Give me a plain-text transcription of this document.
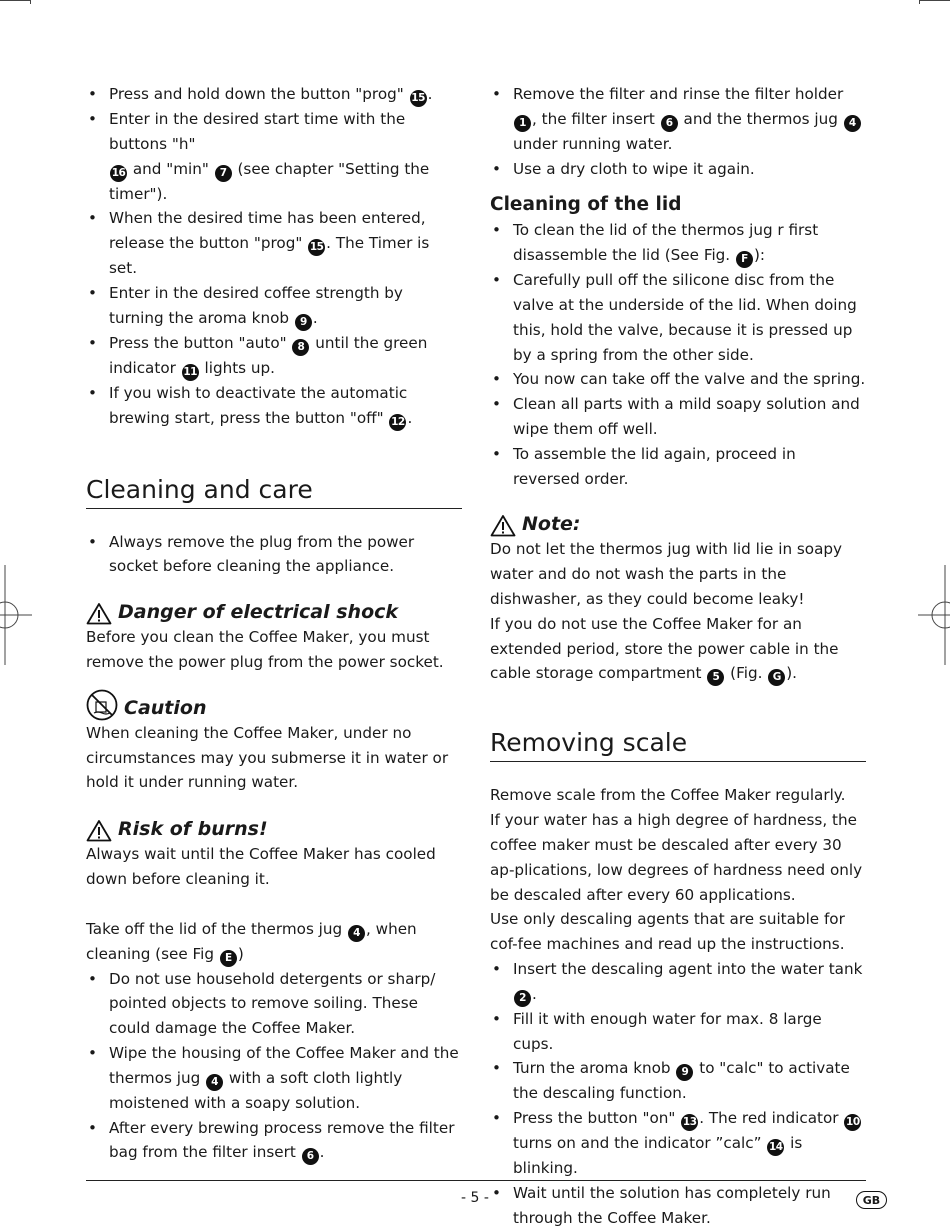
• Press and hold down the button "prog" 15 .
• Enter in the desired start time with the buttons "h"
16 and "min" 7 (see chapter "Setting the timer").
• When the desired time has been entered, release the button "prog" 15 . The Timer is set.
• Enter in the desired coffee strength by turning the aroma knob 9 .
• Press the button "auto" 8 until the green indicator 11 lights up.
• If you wish to deactivate the automatic brewing start, press the button "off" 12 .
Cleaning and care
• Always remove the plug from the power socket before cleaning the appliance.
Danger of electrical shock

Before you clean the Coffee Maker, you must remove the power plug from the power socket.

Caution

When cleaning the Coffee Maker, under no circumstances may you submerse it in water or hold it under running water.

Risk of burns!

Always wait until the Coffee Maker has cooled down before cleaning it.

Take off the lid of the thermos jug 4 , when cleaning (see Fig E )

• Do not use household detergents or sharp/ pointed objects to remove soiling. These could damage the Coffee Maker.
• Wipe the housing of the Coffee Maker and the thermos jug 4 with a soft cloth lightly moistened with a soapy solution.
• After every brewing process remove the filter bag from the filter insert 6 .
• Remove the filter and rinse the filter holder 1 , the filter insert 6 and the thermos jug 4 under running water.
• Use a dry cloth to wipe it again.
Cleaning of the lid
• To clean the lid of the thermos jug r first disassemble the lid (See Fig. F ):
• Carefully pull off the silicone disc from the valve at the underside of the lid. When doing this, hold the valve, because it is pressed up by a spring from the other side.
• You now can take off the valve and the spring.
• Clean all parts with a mild soapy solution and wipe them off well.
• To assemble the lid again, proceed in reversed order.
Note:

Do not let the thermos jug with lid lie in soapy water and do not wash the parts in the dishwasher, as they could become leaky!

If you do not use the Coffee Maker for an extended period, store the power cable in the cable storage compartment 5 (Fig. G ).

Removing scale

Remove scale from the Coffee Maker regularly.

If your water has a high degree of hardness, the coffee maker must be descaled after every 30 ap-plications, low degrees of hardness need only be descaled after every 60 applications.

Use only descaling agents that are suitable for cof-fee machines and read up the instructions.

• Insert the descaling agent into the water tank 2 .
• Fill it with enough water for max. 8 large cups.
• Turn the aroma knob 9 to "calc" to activate the descaling function.
• Press the button "on" 13 . The red indicator 10 turns on and the indicator ”calc” 14 is blinking.
• Wait until the solution has completely run through the Coffee Maker.
- 5 -	GB
